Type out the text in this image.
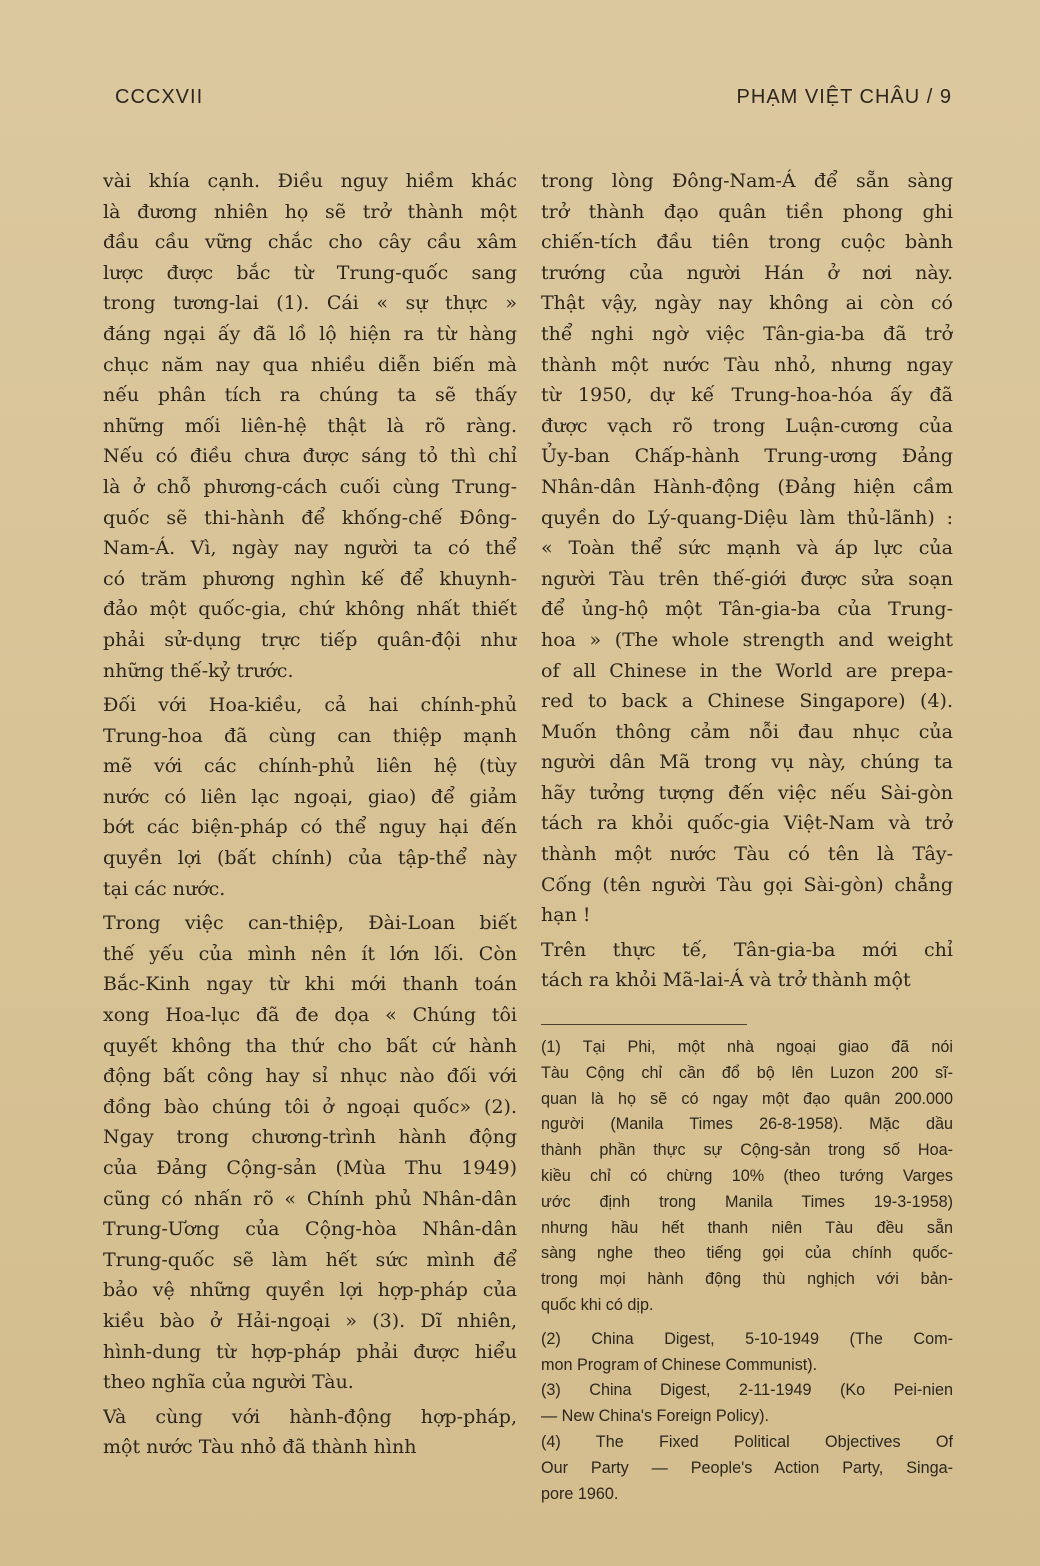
CCCXVII	PHẠM VIỆT CHÂU / 9
vài khía cạnh. Điều nguy hiềm khác
là đương nhiên họ sẽ trở thành một
đầu cầu vững chắc cho cây cầu xâm
lược được bắc từ Trung-quốc sang
trong tương-lai (1). Cái « sự thực »
đáng ngại ấy đã lồ lộ hiện ra từ hàng
chục năm nay qua nhiều diễn biến mà
nếu phân tích ra chúng ta sẽ thấy
những mối liên-hệ thật là rõ ràng.
Nếu có điều chưa được sáng tỏ thì chỉ
là ở chỗ phương-cách cuối cùng Trung-
quốc sẽ thi-hành để khống-chế Đông-
Nam-Á. Vì, ngày nay người ta có thể
có trăm phương nghìn kế để khuynh-
đảo một quốc-gia, chứ không nhất thiết
phải sử-dụng trực tiếp quân-đội như
những thế-kỷ trước.
Đối với Hoa-kiều, cả hai chính-phủ
Trung-hoa đã cùng can thiệp mạnh
mẽ với các chính-phủ liên hệ (tùy
nước có liên lạc ngoại, giao) để giảm
bớt các biện-pháp có thể nguy hại đến
quyền lợi (bất chính) của tập-thể này
tại các nước.
Trong việc can-thiệp, Đài-Loan biết
thế yếu của mình nên ít lớn lối. Còn
Bắc-Kinh ngay từ khi mới thanh toán
xong Hoa-lục đã đe dọa « Chúng tôi
quyết không tha thứ cho bất cứ hành
động bất công hay sỉ nhục nào đối với
đồng bào chúng tôi ở ngoại quốc» (2).
Ngay trong chương-trình hành động
của Đảng Cộng-sản (Mùa Thu 1949)
cũng có nhấn rõ « Chính phủ Nhân-dân
Trung-Ương của Cộng-hòa Nhân-dân
Trung-quốc sẽ làm hết sức mình để
bảo vệ những quyền lợi hợp-pháp của
kiều bào ở Hải-ngoại » (3). Dĩ nhiên,
hình-dung từ hợp-pháp phải được hiểu
theo nghĩa của người Tàu.
Và cùng với hành-động hợp-pháp,
một nước Tàu nhỏ đã thành hình
trong lòng Đông-Nam-Á để sẵn sàng
trở thành đạo quân tiền phong ghi
chiến-tích đầu tiên trong cuộc bành
trướng của người Hán ở nơi này.
Thật vậy, ngày nay không ai còn có
thể nghi ngờ việc Tân-gia-ba đã trở
thành một nước Tàu nhỏ, nhưng ngay
từ 1950, dự kế Trung-hoa-hóa ấy đã
được vạch rõ trong Luận-cương của
Ủy-ban Chấp-hành Trung-ương Đảng
Nhân-dân Hành-động (Đảng hiện cầm
quyền do Lý-quang-Diệu làm thủ-lãnh) :
« Toàn thể sức mạnh và áp lực của
người Tàu trên thế-giới được sửa soạn
để ủng-hộ một Tân-gia-ba của Trung-
hoa » (The whole strength and weight
of all Chinese in the World are prepa-
red to back a Chinese Singapore) (4).
Muốn thông cảm nỗi đau nhục của
người dân Mã trong vụ này, chúng ta
hãy tưởng tượng đến việc nếu Sài-gòn
tách ra khỏi quốc-gia Việt-Nam và trở
thành một nước Tàu có tên là Tây-
Cống (tên người Tàu gọi Sài-gòn) chẳng
hạn !
Trên thực tế, Tân-gia-ba mới chỉ
tách ra khỏi Mã-lai-Á và trở thành một
(1) Tại Phi, một nhà ngoại giao đã nói
Tàu Cộng chỉ cần đổ bộ lên Luzon 200 sĩ-
quan là họ sẽ có ngay một đạo quân 200.000
người (Manila Times 26-8-1958). Mặc dầu
thành phần thực sự Cộng-sản trong số Hoa-
kiều chỉ có chừng 10% (theo tướng Varges
ước định trong Manila Times 19-3-1958)
nhưng hầu hết thanh niên Tàu đều sẵn
sàng nghe theo tiếng gọi của chính quốc-
trong mọi hành động thù nghịch với bản-
quốc khi có dịp.
(2) China Digest, 5-10-1949 (The Com-
mon Program of Chinese Communist).
(3) China Digest, 2-11-1949 (Ko Pei-nien
— New China's Foreign Policy).
(4) The Fixed Political Objectives Of
Our Party — People's Action Party, Singa-
pore 1960.
